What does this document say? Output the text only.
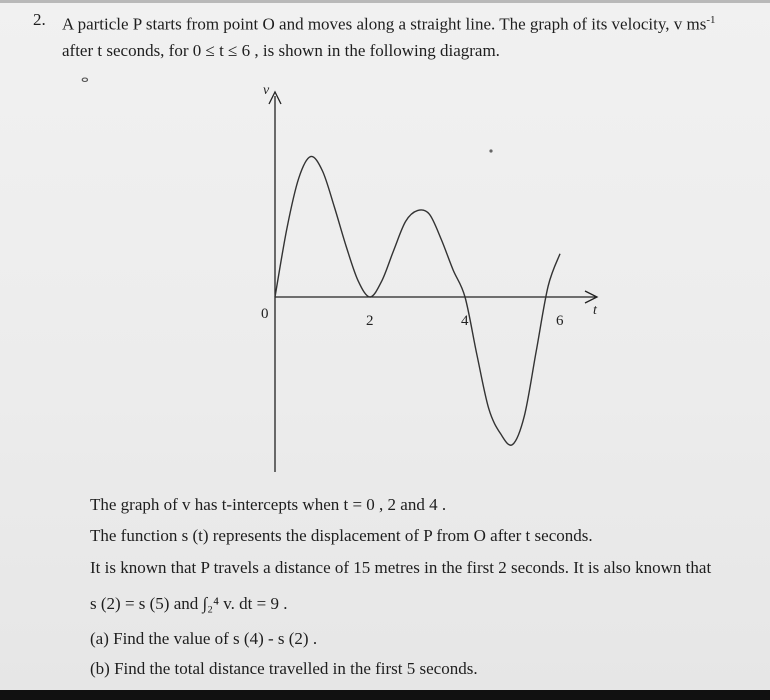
2. A particle P starts from point O and moves along a straight line. The graph of its velocity, v $ms^{-1}$
after t seconds, for 0 ≤ t ≤ 6 , is shown in the following diagram.
ⴰ
v
t
0	2	4	6
The graph of v has t-intercepts when t = 0 , 2 and 4 .
The function s (t) represents the displacement of P from O after t seconds.
It is known that P travels a distance of 15 metres in the first 2 seconds. It is also known that
s (2) = s (5) and ∫₂⁴ v. dt = 9 .
(a) Find the value of s (4) - s (2) .
(b) Find the total distance travelled in the first 5 seconds.
